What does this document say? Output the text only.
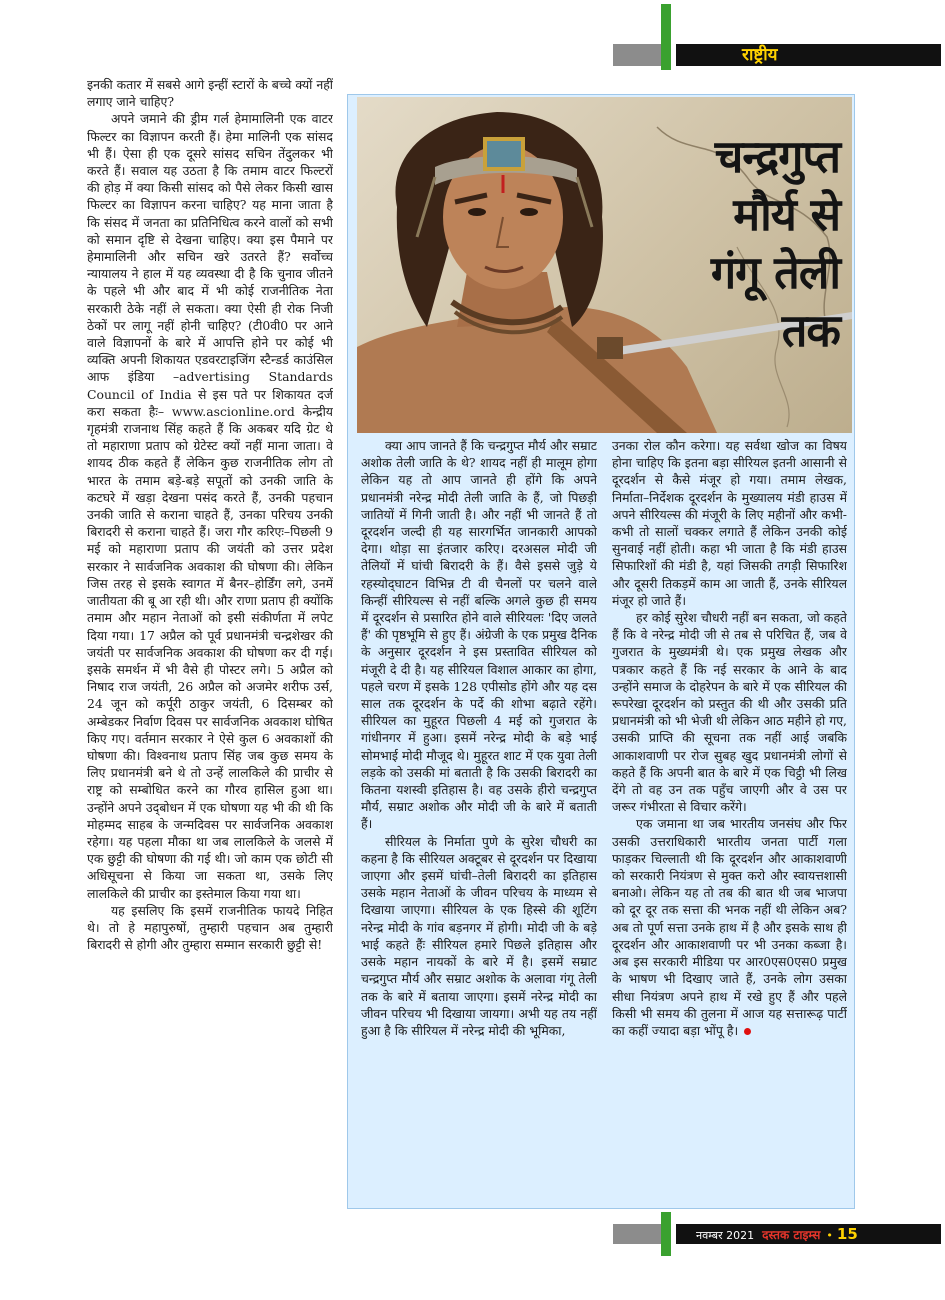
राष्ट्रीय

इनकी कतार में सबसे आगे इन्हीं स्टारों के बच्चे क्यों नहीं लगाए जाने चाहिए?

अपने जमाने की ड्रीम गर्ल हेमामालिनी एक वाटर फिल्टर का विज्ञापन करती हैं। हेमा मालिनी एक सांसद भी हैं। ऐसा ही एक दूसरे सांसद सचिन तेंदुलकर भी करते हैं। सवाल यह उठता है कि तमाम वाटर फिल्टरों की होड़ में क्या किसी सांसद को पैसे लेकर किसी खास फिल्टर का विज्ञापन करना चाहिए? यह माना जाता है कि संसद में जनता का प्रतिनिधित्व करने वालों को सभी को समान दृष्टि से देखना चाहिए। क्या इस पैमाने पर हेमामालिनी और सचिन खरे उतरते हैं? सर्वोच्च न्यायालय ने हाल में यह व्यवस्था दी है कि चुनाव जीतने के पहले भी और बाद में भी कोई राजनीतिक नेता सरकारी ठेके नहीं ले सकता। क्या ऐसी ही रोक निजी ठेकों पर लागू नहीं होनी चाहिए? (टी0वी0 पर आने वाले विज्ञापनों के बारे में आपत्ति होने पर कोई भी व्यक्ति अपनी शिकायत एडवरटाइजिंग स्टैन्डर्ड काउंसिल आफ इंडिया –advertising Standards Council of India से इस पते पर शिकायत दर्ज करा सकता हैः– www.ascionline.ord केन्द्रीय गृहमंत्री राजनाथ सिंह कहते हैं कि अकबर यदि ग्रेट थे तो महाराणा प्रताप को ग्रेटेस्ट क्यों नहीं माना जाता। वे शायद ठीक कहते हैं लेकिन कुछ राजनीतिक लोग तो भारत के तमाम बड़े-बड़े सपूतों को उनकी जाति के कटघरे में खड़ा देखना पसंद करते हैं, उनकी पहचान उनकी जाति से कराना चाहते हैं, उनका परिचय उनकी बिरादरी से कराना चाहते हैं। जरा गौर करिएः–पिछली 9 मई को महाराणा प्रताप की जयंती को उत्तर प्रदेश सरकार ने सार्वजनिक अवकाश की घोषणा की। लेकिन जिस तरह से इसके स्वागत में बैनर–होर्डिंग लगे, उनमें जातीयता की बू आ रही थी। और राणा प्रताप ही क्योंकि तमाम और महान नेताओं को इसी संकीर्णता में लपेट दिया गया। 17 अप्रैल को पूर्व प्रधानमंत्री चन्द्रशेखर की जयंती पर सार्वजनिक अवकाश की घोषणा कर दी गई। इसके समर्थन में भी वैसे ही पोस्टर लगे। 5 अप्रैल को निषाद राज जयंती, 26 अप्रैल को अजमेर शरीफ उर्स, 24 जून को कर्पूरी ठाकुर जयंती, 6 दिसम्बर को अम्बेडकर निर्वाण दिवस पर सार्वजनिक अवकाश घोषित किए गए। वर्तमान सरकार ने ऐसे कुल 6 अवकाशों की घोषणा की। विश्वनाथ प्रताप सिंह जब कुछ समय के लिए प्रधानमंत्री बने थे तो उन्हें लालकिले की प्राचीर से राष्ट्र को सम्बोधित करने का गौरव हासिल हुआ था। उन्होंने अपने उद्‌बोधन में एक घोषणा यह भी की थी कि मोहम्मद साहब के जन्मदिवस पर सार्वजनिक अवकाश रहेगा। यह पहला मौका था जब लालकिले के जलसे में एक छुट्टी की घोषणा की गई थी। जो काम एक छोटी सी अधिसूचना से किया जा सकता था, उसके लिए लालकिले की प्राचीर का इस्तेमाल किया गया था।

यह इसलिए कि इसमें राजनीतिक फायदे निहित थे। तो हे महापुरुषों, तुम्हारी पहचान अब तुम्हारी बिरादरी से होगी और तुम्हारा सम्मान सरकारी छुट्टी से!

चन्द्रगुप्त
मौर्य से
गंगू तेली
तक

क्या आप जानते हैं कि चन्द्रगुप्त मौर्य और सम्राट अशोक तेली जाति के थे? शायद नहीं ही मालूम होगा लेकिन यह तो आप जानते ही होंगे कि अपने प्रधानमंत्री नरेन्द्र मोदी तेली जाति के हैं, जो पिछड़ी जातियों में गिनी जाती है। और नहीं भी जानते हैं तो दूरदर्शन जल्दी ही यह सारगर्भित जानकारी आपको देगा। थोड़ा सा इंतजार करिए। दरअसल मोदी जी तेलियों में घांची बिरादरी के हैं। वैसे इससे जुड़े ये रहस्योद्‌घाटन विभिन्न टी वी चैनलों पर चलने वाले किन्हीं सीरियल्स से नहीं बल्कि अगले कुछ ही समय में दूरदर्शन से प्रसारित होने वाले सीरियलः 'दिए जलते हैं' की पृष्ठभूमि से हुए हैं। अंग्रेजी के एक प्रमुख दैनिक के अनुसार दूरदर्शन ने इस प्रस्तावित सीरियल को मंजूरी दे दी है। यह सीरियल विशाल आकार का होगा, पहले चरण में इसके 128 एपीसोड होंगे और यह दस साल तक दूरदर्शन के पर्दे की शोभा बढ़ाते रहेंगे। सीरियल का मुहूरत पिछली 4 मई को गुजरात के गांधीनगर में हुआ। इसमें नरेन्द्र मोदी के बड़े भाई सोमभाई मोदी मौजूद थे। मुहूरत शाट में एक युवा तेली लड़के को उसकी मां बताती है कि उसकी बिरादरी का कितना यशस्वी इतिहास है। वह उसके हीरो चन्द्रगुप्त मौर्य, सम्राट अशोक और मोदी जी के बारे में बताती हैं।

सीरियल के निर्माता पुणे के सुरेश चौधरी का कहना है कि सीरियल अक्टूबर से दूरदर्शन पर दिखाया जाएगा और इसमें घांची–तेली बिरादरी का इतिहास उसके महान नेताओं के जीवन परिचय के माध्यम से दिखाया जाएगा। सीरियल के एक हिस्से की शूटिंग नरेन्द्र मोदी के गांव बड़नगर में होगी। मोदी जी के बड़े भाई कहते हैंः सीरियल हमारे पिछले इतिहास और उसके महान नायकों के बारे में है। इसमें सम्राट चन्द्रगुप्त मौर्य और सम्राट अशोक के अलावा गंगू तेली तक के बारे में बताया जाएगा। इसमें नरेन्द्र मोदी का जीवन परिचय भी दिखाया जायगा। अभी यह तय नहीं हुआ है कि सीरियल में नरेन्द्र मोदी की भूमिका,

उनका रोल कौन करेगा। यह सर्वथा खोज का विषय होना चाहिए कि इतना बड़ा सीरियल इतनी आसानी से दूरदर्शन से कैसे मंजूर हो गया। तमाम लेखक, निर्माता–निर्देशक दूरदर्शन के मुख्यालय मंडी हाउस में अपने सीरियल्स की मंजूरी के लिए महीनों और कभी-कभी तो सालों चक्कर लगाते हैं लेकिन उनकी कोई सुनवाई नहीं होती। कहा भी जाता है कि मंडी हाउस सिफारिशों की मंडी है, यहां जिसकी तगड़ी सिफारिश और दूसरी तिकड़में काम आ जाती हैं, उनके सीरियल मंजूर हो जाते हैं।

हर कोई सुरेश चौधरी नहीं बन सकता, जो कहते हैं कि वे नरेन्द्र मोदी जी से तब से परिचित हैं, जब वे गुजरात के मुख्यमंत्री थे। एक प्रमुख लेखक और पत्रकार कहते हैं कि नई सरकार के आने के बाद उन्होंने समाज के दोहरेपन के बारे में एक सीरियल की रूपरेखा दूरदर्शन को प्रस्तुत की थी और उसकी प्रति प्रधानमंत्री को भी भेजी थी लेकिन आठ महीने हो गए, उसकी प्राप्ति की सूचना तक नहीं आई जबकि आकाशवाणी पर रोज सुबह खुद प्रधानमंत्री लोगों से कहते हैं कि अपनी बात के बारे में एक चिट्ठी भी लिख देंगे तो वह उन तक पहुँच जाएगी और वे उस पर जरूर गंभीरता से विचार करेंगे।

एक जमाना था जब भारतीय जनसंघ और फिर उसकी उत्तराधिकारी भारतीय जनता पार्टी गला फाड़कर चिल्लाती थी कि दूरदर्शन और आकाशवाणी को सरकारी नियंत्रण से मुक्त करो और स्वायत्तशासी बनाओ। लेकिन यह तो तब की बात थी जब भाजपा को दूर दूर तक सत्ता की भनक नहीं थी लेकिन अब? अब तो पूर्ण सत्ता उनके हाथ में है और इसके साथ ही दूरदर्शन और आकाशवाणी पर भी उनका कब्जा है। अब इस सरकारी मीडिया पर आर0एस0एस0 प्रमुख के भाषण भी दिखाए जाते हैं, उनके लोग उसका सीधा नियंत्रण अपने हाथ में रखे हुए हैं और पहले किसी भी समय की तुलना में आज यह सत्तारूढ़ पार्टी का कहीं ज्यादा बड़ा भोंपू है।

नवम्बर 2021 दस्तक टाइम्स • 15
